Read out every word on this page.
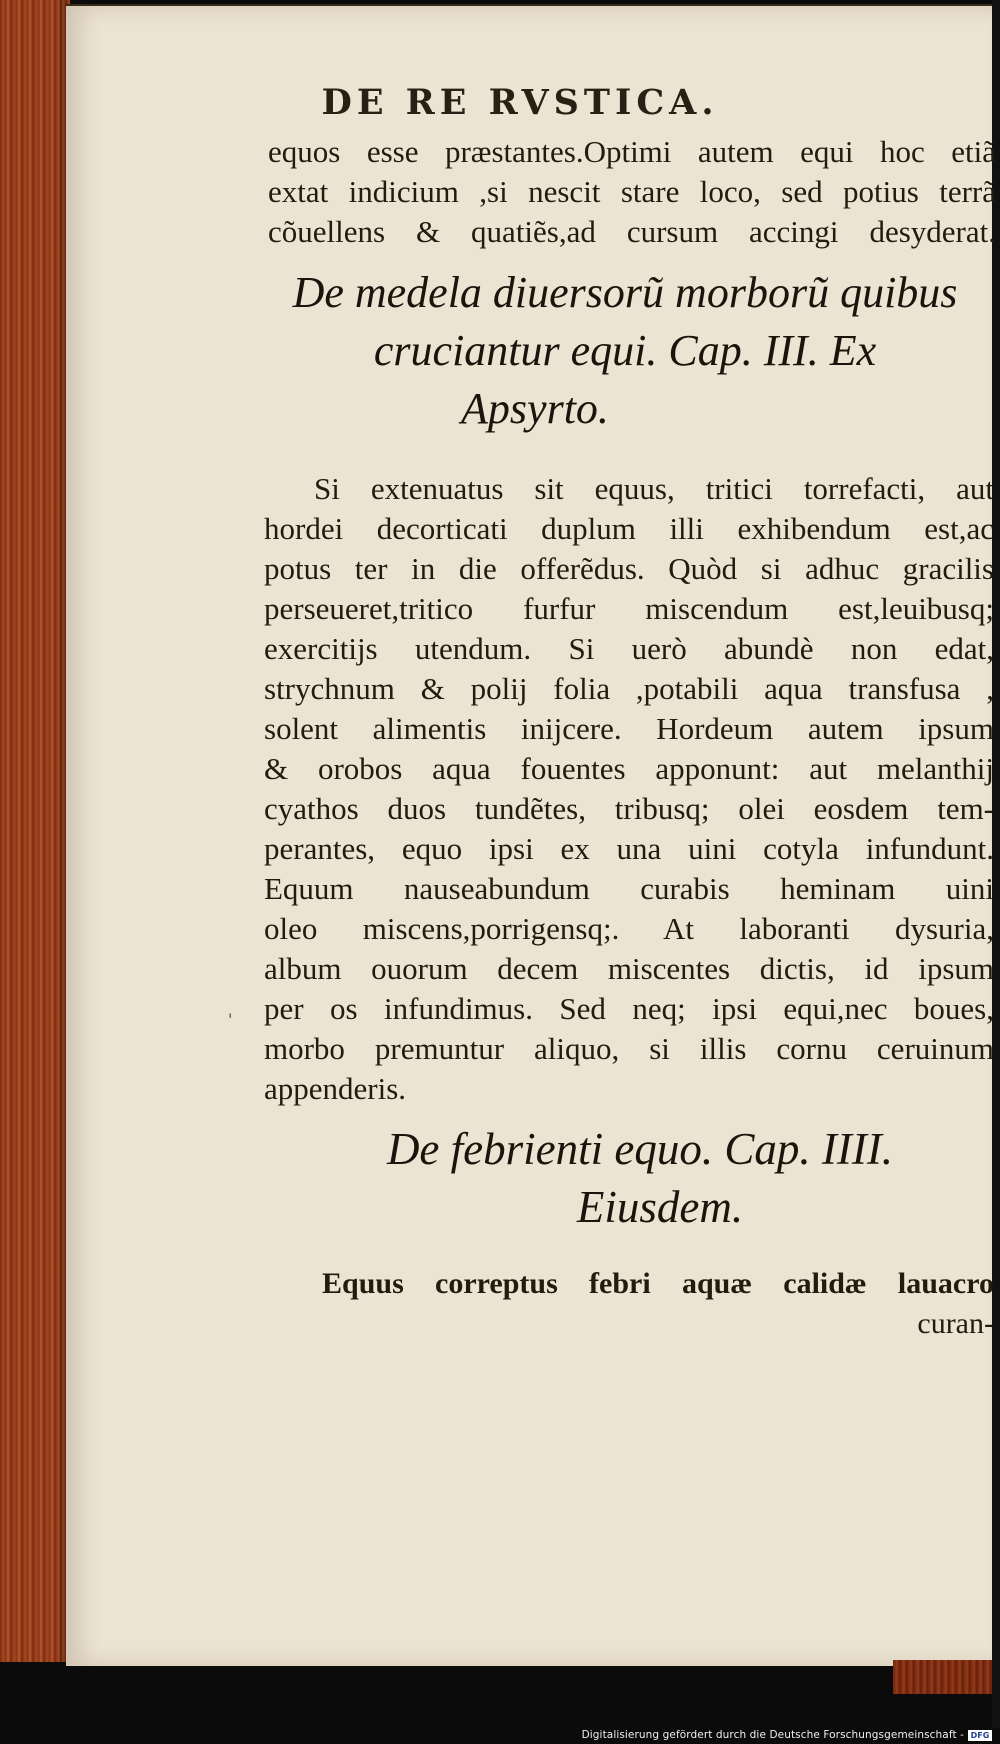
DE RE RVSTICA.
equos esse præstantes.Optimi autem equi hoc etiã
extat indicium ,si nescit stare loco, sed potius terrã
cõuellens & quatiẽs,ad cursum accingi desyderat.
De medela diuersorũ morborũ quibus
cruciantur equi. Cap. III. Ex
Apsyrto.
Si extenuatus sit equus, tritici torrefacti, aut
hordei decorticati duplum illi exhibendum est,ac
potus ter in die offerẽdus. Quòd si adhuc gracilis
perseueret,tritico furfur miscendum est,leuibusq;
exercitijs utendum. Si uerò abundè non edat,
strychnum & polij folia ,potabili aqua transfusa ,
solent alimentis inijcere. Hordeum autem ipsum
& orobos aqua fouentes apponunt: aut melanthij
cyathos duos tundẽtes, tribusq; olei eosdem tem-
perantes, equo ipsi ex una uini cotyla infundunt.
Equum nauseabundum curabis heminam uini
oleo miscens,porrigensq;. At laboranti dysuria,
album ouorum decem miscentes dictis, id ipsum
per os infundimus. Sed neq; ipsi equi,nec boues,
morbo premuntur aliquo, si illis cornu ceruinum
appenderis.
De febrienti equo. Cap. IIII.
Eiusdem.
Equus correptus febri aquæ calidæ lauacro
curan-
'
Digitalisierung gefördert durch die Deutsche Forschungsgemeinschaft - DFG
